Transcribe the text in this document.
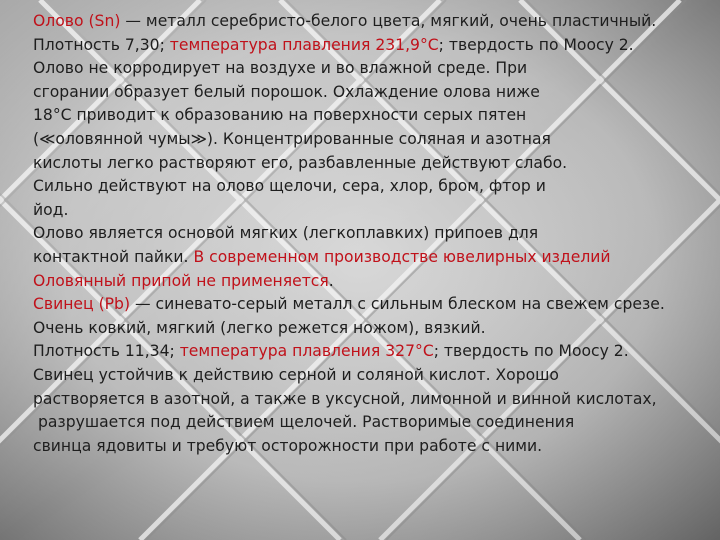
Олово (Sn) — металл серебристо-белого цвета, мягкий, очень пластичный.
Плотность 7,30; температура плавления 231,9°C; твердость по Моосу 2.
Олово не корродирует на воздухе и во влажной среде. При
сгорании образует белый порошок. Охлаждение олова ниже
18°C приводит к образованию на поверхности серых пятен
(≪оловянной чумы≫). Концентрированные соляная и азотная
кислоты легко растворяют его, разбавленные действуют слабо.
Сильно действуют на олово щелочи, сера, хлор, бром, фтор и
йод.
Олово является основой мягких (легкоплавких) припоев для
контактной пайки. В современном производстве ювелирных изделий
Оловянный припой не применяется.
Свинец (Pb) — синевато-серый металл с сильным блеском на свежем срезе.
Очень ковкий, мягкий (легко режется ножом), вязкий.
Плотность 11,34; температура плавления 327°C; твердость по Моосу 2.
Свинец устойчив к действию серной и соляной кислот. Хорошо
растворяется в азотной, а также в уксусной, лимонной и винной кислотах,
разрушается под действием щелочей. Растворимые соединения
свинца ядовиты и требуют осторожности при работе с ними.
